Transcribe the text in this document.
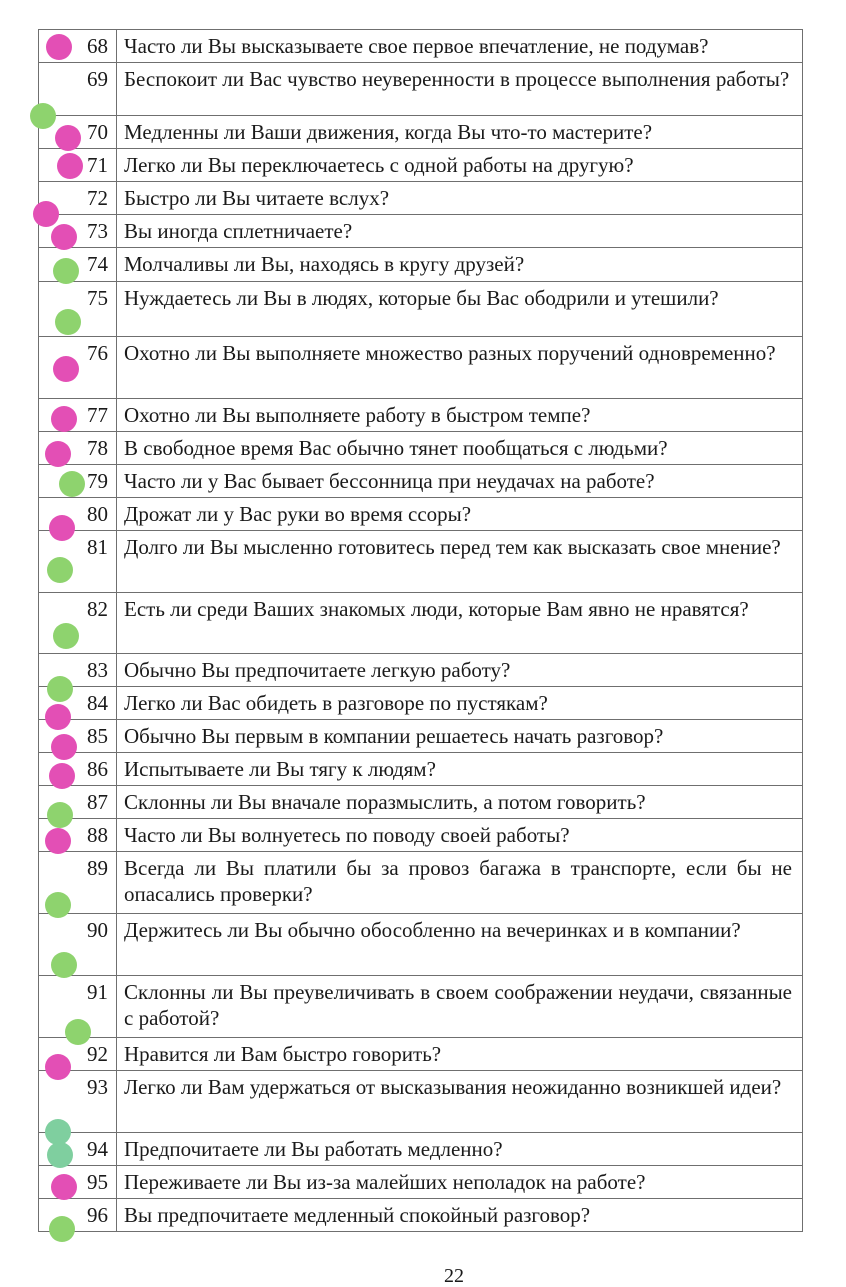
68 Часто ли Вы высказываете свое первое впечатление, не подумав?
69 Беспокоит ли Вас чувство неуверенности в процессе выполнения работы?
70 Медленны ли Ваши движения, когда Вы что-то мастерите?
71 Легко ли Вы переключаетесь с одной работы на другую?
72 Быстро ли Вы читаете вслух?
73 Вы иногда сплетничаете?
74 Молчаливы ли Вы, находясь в кругу друзей?
75 Нуждаетесь ли Вы в людях, которые бы Вас ободрили и утешили?
76 Охотно ли Вы выполняете множество разных поручений одновременно?
77 Охотно ли Вы выполняете работу в быстром темпе?
78 В свободное время Вас обычно тянет пообщаться с людьми?
79 Часто ли у Вас бывает бессонница при неудачах на работе?
80 Дрожат ли у Вас руки во время ссоры?
81 Долго ли Вы мысленно готовитесь перед тем как высказать свое мнение?
82 Есть ли среди Ваших знакомых люди, которые Вам явно не нравятся?
83 Обычно Вы предпочитаете легкую работу?
84 Легко ли Вас обидеть в разговоре по пустякам?
85 Обычно Вы первым в компании решаетесь начать разговор?
86 Испытываете ли Вы тягу к людям?
87 Склонны ли Вы вначале поразмыслить, а потом говорить?
88 Часто ли Вы волнуетесь по поводу своей работы?
89 Всегда ли Вы платили бы за провоз багажа в транспорте, если бы не опасались проверки?
90 Держитесь ли Вы обычно обособленно на вечеринках и в компании?
91 Склонны ли Вы преувеличивать в своем соображении неудачи, связанные с работой?
92 Нравится ли Вам быстро говорить?
93 Легко ли Вам удержаться от высказывания неожиданно возникшей идеи?
94 Предпочитаете ли Вы работать медленно?
95 Переживаете ли Вы из-за малейших неполадок на работе?
96 Вы предпочитаете медленный спокойный разговор?
22
